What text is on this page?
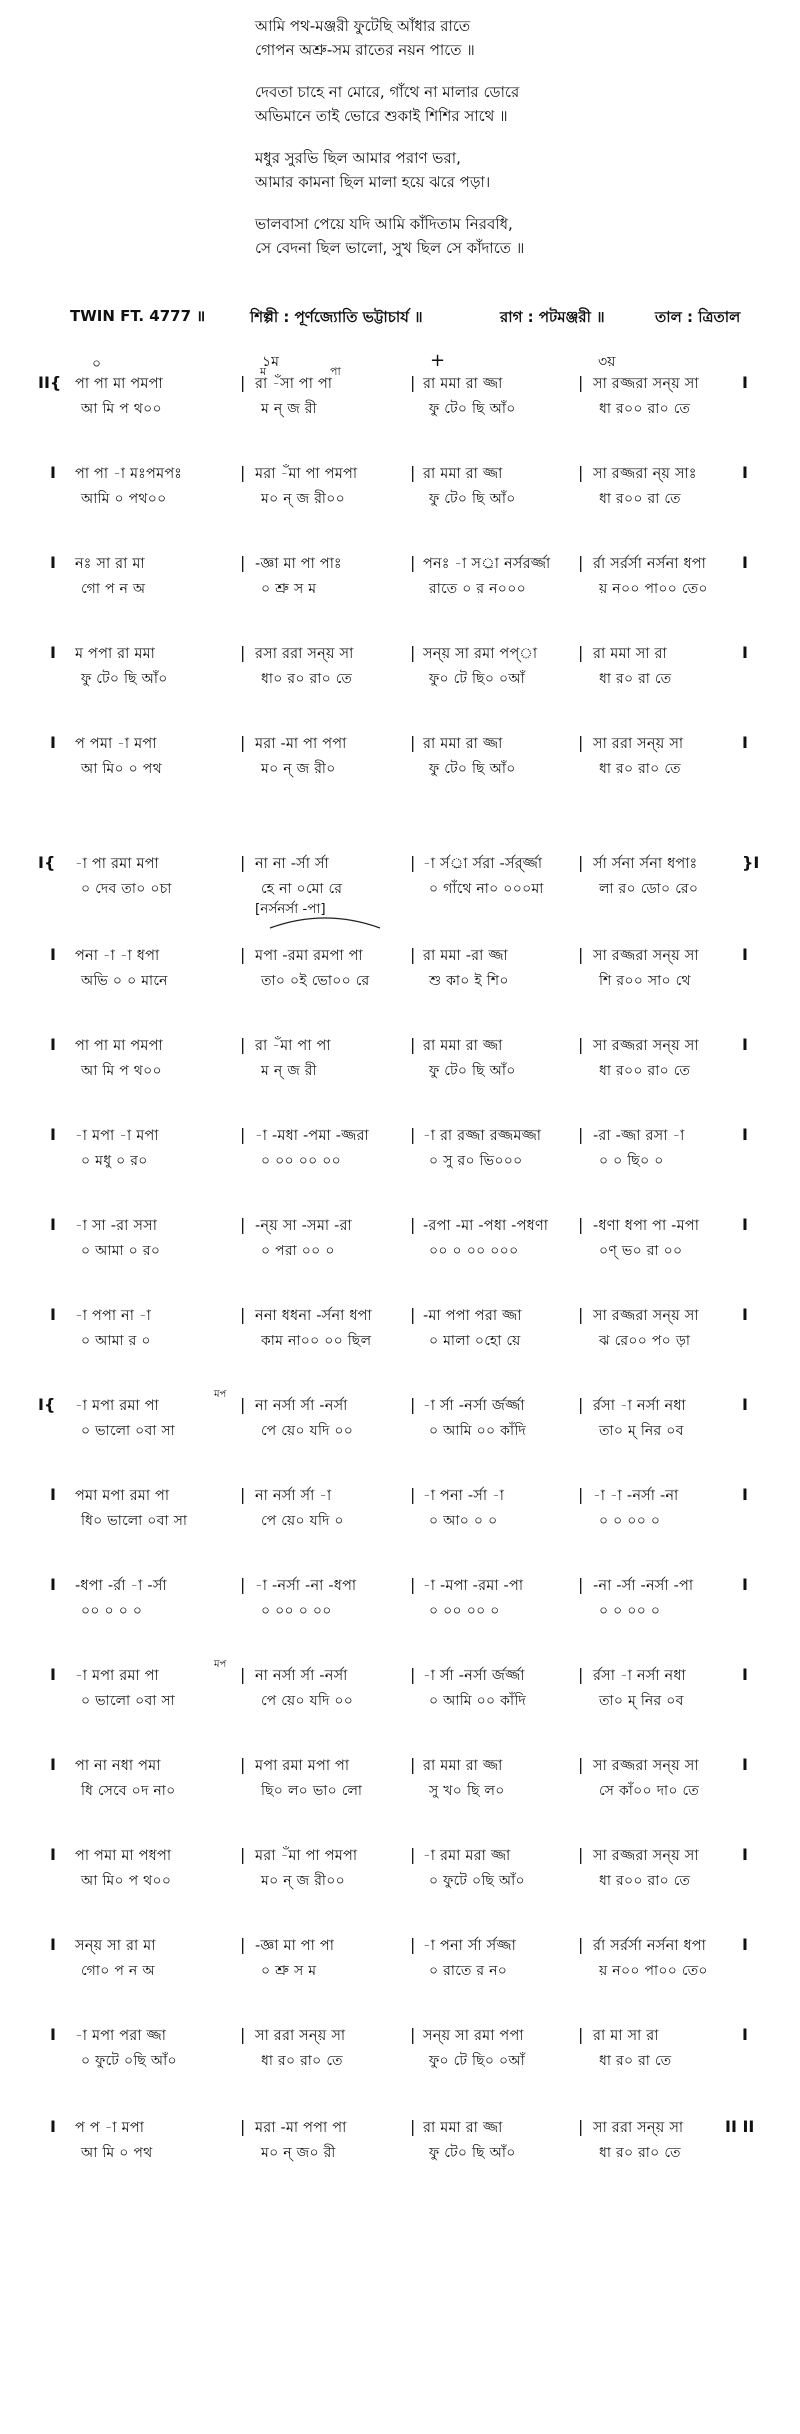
আমি পথ-মঞ্জরী ফুটেছি আঁধার রাতে
গোপন অশ্রু-সম রাতের নয়ন পাতে ॥
দেবতা চাহে না মোরে, গাঁথে না মালার ডোরে
অভিমানে তাই ভোরে শুকাই শিশির সাথে ॥
মধুর সুরভি ছিল আমার পরাণ ভরা,
আমার কামনা ছিল মালা হয়ে ঝরে পড়া।
ভালবাসা পেয়ে যদি আমি কাঁদিতাম নিরবধি,
সে বেদনা ছিল ভালো, সুখ ছিল সে কাঁদাতে ॥
TWIN FT. 4777 ॥	শিল্পী : পূর্ণজ্যোতি ভট্টাচার্য ॥	রাগ : পটমঞ্জরী ॥	তাল : ত্রিতাল
০	১ম	+	৩য়
[নর্সনর্সা -পা]
II{ পা পা মা পমপা	রা -ঁসা পা পা	রা মমা রা জ্জা	সা রজ্জরা সন্য় সা
আ মি প থ০০	ম ন্ জ রী	ফু টে০ ছি আঁ০	ধা র০০ রা০ তে
|	|	|	I
ম	পা
I পা পা -া মঃপমপঃ	মরা -ঁমা পা পমপা	রা মমা রা জ্জা	সা রজ্জরা ন্য় সাঃ
আমি ০ পথ০০	ম০ ন্ জ রী০০	ফু টে০ ছি আঁ০	ধা র০০ রা তে
|	|	|	I
I নঃ সা রা মা	-জ্ঞা মা পা পাঃ	পনঃ -া সর্া নর্সরর্জ্জা	র্রা সর্রর্সা নর্সনা ধপা
গো প ন অ	০ শ্রু স ম	রাতে ০ র ন০০০	য় ন০০ পা০০ তে০
|	|	|	I
I ম পপা রা মমা	রসা ররা সন্য় সা	সন্য় সা রমা পপ্া	রা মমা সা রা
ফু টে০ ছি আঁ০	ধা০ র০ রা০ তে	ফু০ টে ছি০ ০আঁ	ধা র০ রা তে
|	|	|	I
I প পমা -া মপা	মরা -মা পা পপা	রা মমা রা জ্জা	সা ররা সন্য় সা
আ মি০ ০ পথ	ম০ ন্ জ রী০	ফু টে০ ছি আঁ০	ধা র০ রা০ তে
|	|	|	I
I{ -া পা রমা মপা	না না -র্সা র্সা	-া র্সর্া র্সরা -র্সর্র্জ্জা	র্সা র্সনা র্সনা ধপাঃ
০ দেব তা০ ০চা	হে না ০মো রে	০ গাঁথে না০ ০০০মা	লা র০ ডো০ রে০
|	|	|	}I
I পনা -া -া ধপা	মপা -রমা রমপা পা	রা মমা -রা জ্জা	সা রজ্জরা সন্য় সা
অভি ০ ০ মানে	তা০ ০ই ভো০০ রে	শু কা০ ই শি০	শি র০০ সা০ থে
|	|	|	I
I পা পা মা পমপা	রা -ঁমা পা পা	রা মমা রা জ্জা	সা রজ্জরা সন্য় সা
আ মি প থ০০	ম ন্ জ রী	ফু টে০ ছি আঁ০	ধা র০০ রা০ তে
|	|	|	I
I -া মপা -া মপা	-া -মধা -পমা -জ্জরা	-া রা রজ্জা রজ্জমজ্জা	-রা -জ্জা রসা -া
০ মধু ০ র০	০ ০০ ০০ ০০	০ সু র০ ভি০০০	০ ০ ছি০ ০
|	|	|	I
I -া সা -রা সসা	-ন্য় সা -সমা -রা	-রপা -মা -পধা -পধণা	-ধণা ধপা পা -মপা
০ আমা ০ র০	০ পরা ০০ ০	০০ ০ ০০ ০০০	০ণ্ ভ০ রা ০০
|	|	|	I
I -া পপা না -া	ননা ধধনা -র্সনা ধপা	-মা পপা পরা জ্জা	সা রজ্জরা সন্য় সা
০ আমা র ০	কাম না০০ ০০ ছিল	০ মালা ০হো য়ে	ঝ রে০০ প০ ড়া
|	|	|	I
I{ -া মপা রমা পা	না নর্সা র্সা -নর্সা	-া র্সা -নর্সা র্জর্জ্জা	র্রসা -া নর্সা নধা
০ ভালো ০বা সা	পে য়ে০ যদি ০০	০ আমি ০০ কাঁদি	তা০ ম্ নির ০ব
|	|	|	I
মপ
I পমা মপা রমা পা	না নর্সা র্সা -া	-া পনা -র্সা -া	-া -া -নর্সা -না
ধি০ ভালো ০বা সা	পে য়ে০ যদি ০	০ আ০ ০ ০	০ ০ ০০ ০
|	|	|	I
I -ধপা -র্রা -া -র্সা	-া -নর্সা -না -ধপা	-া -মপা -রমা -পা	-না -র্সা -নর্সা -পা
০০ ০ ০ ০	০ ০০ ০ ০০	০ ০০ ০০ ০	০ ০ ০০ ০
|	|	|	I
I -া মপা রমা পা	না নর্সা র্সা -নর্সা	-া র্সা -নর্সা র্জর্জ্জা	র্রসা -া নর্সা নধা
০ ভালো ০বা সা	পে য়ে০ যদি ০০	০ আমি ০০ কাঁদি	তা০ ম্ নির ০ব
|	|	|	I
মপ
I পা না নধা পমা	মপা রমা মপা পা	রা মমা রা জ্জা	সা রজ্জরা সন্য় সা
ধি সেবে ০দ না০	ছি০ ল০ ভা০ লো	সু খ০ ছি ল০	সে কাঁ০০ দা০ তে
|	|	|	I
I পা পমা মা পধপা	মরা -ঁমা পা পমপা	-া রমা মরা জ্জা	সা রজ্জরা সন্য় সা
আ মি০ প থ০০	ম০ ন্ জ রী০০	০ ফুটে ০ছি আঁ০	ধা র০০ রা০ তে
|	|	|	I
I সন্য় সা রা মা	-জ্ঞা মা পা পা	-া পনা র্সা র্সজ্জা	র্রা সর্রর্সা নর্সনা ধপা
গো০ প ন অ	০ শ্রু স ম	০ রাতে র ন০	য় ন০০ পা০০ তে০
|	|	|	I
I -া মপা পরা জ্জা	সা ররা সন্য় সা	সন্য় সা রমা পপা	রা মা সা রা
০ ফুটে ০ছি আঁ০	ধা র০ রা০ তে	ফু০ টে ছি০ ০আঁ	ধা র০ রা তে
|	|	|	I
I প প -া মপা	মরা -মা পপা পা	রা মমা রা জ্জা	সা ররা সন্য় সা
আ মি ০ পথ	ম০ ন্ জ০ রী	ফু টে০ ছি আঁ০	ধা র০ রা০ তে
|	|	|	II II
